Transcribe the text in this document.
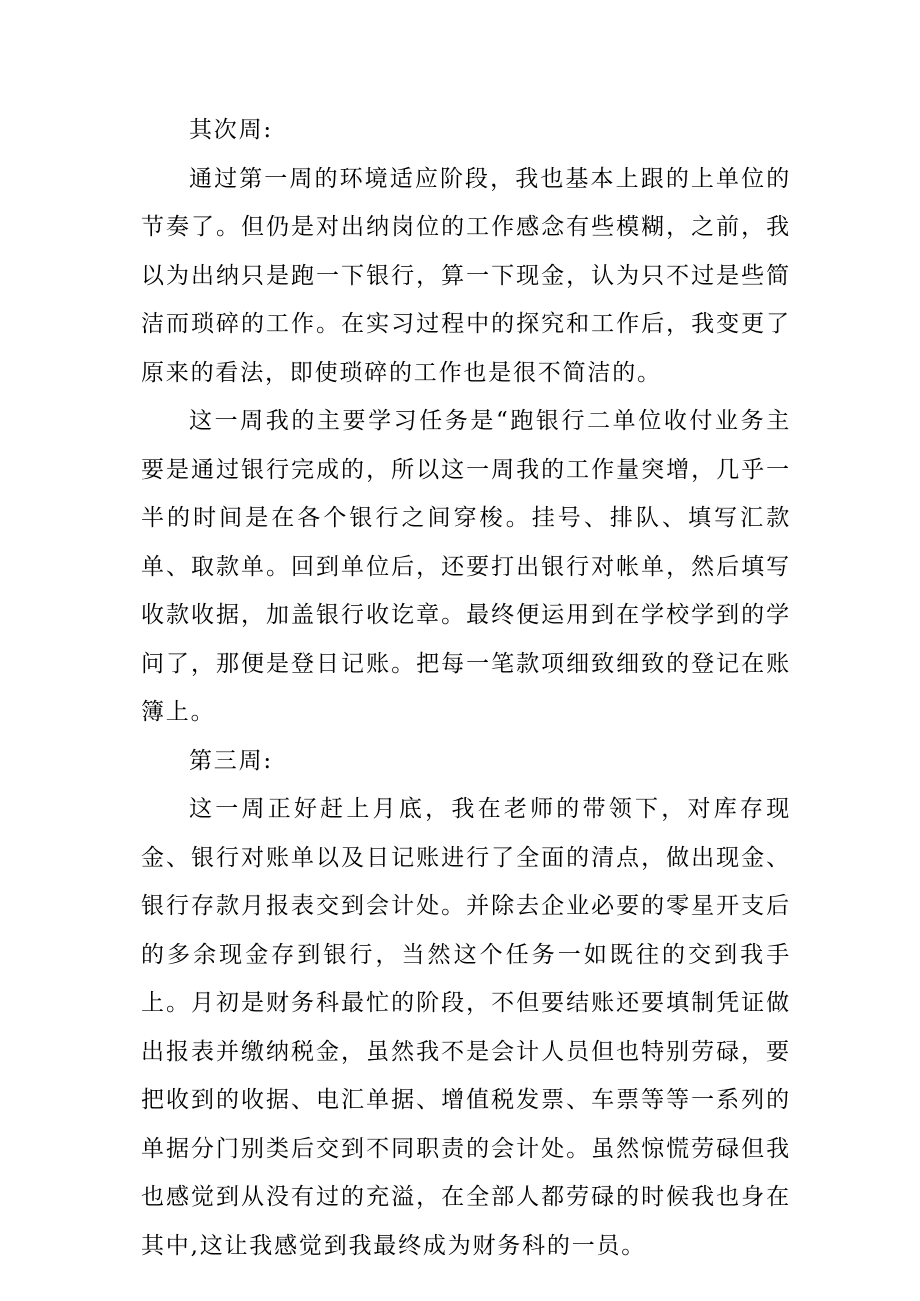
其次周:

通过第一周的环境适应阶段，我也基本上跟的上单位的节奏了。但仍是对出纳岗位的工作感念有些模糊，之前，我以为出纳只是跑一下银行，算一下现金，认为只不过是些简洁而琐碎的工作。在实习过程中的探究和工作后，我变更了原来的看法，即使琐碎的工作也是很不简洁的。

这一周我的主要学习任务是“跑银行二单位收付业务主要是通过银行完成的，所以这一周我的工作量突增，几乎一半的时间是在各个银行之间穿梭。挂号、排队、填写汇款单、取款单。回到单位后，还要打出银行对帐单，然后填写收款收据，加盖银行收讫章。最终便运用到在学校学到的学问了，那便是登日记账。把每一笔款项细致细致的登记在账簿上。

第三周:

这一周正好赶上月底，我在老师的带领下，对库存现金、银行对账单以及日记账进行了全面的清点，做出现金、银行存款月报表交到会计处。并除去企业必要的零星开支后的多余现金存到银行，当然这个任务一如既往的交到我手上。月初是财务科最忙的阶段，不但要结账还要填制凭证做出报表并缴纳税金，虽然我不是会计人员但也特别劳碌，要把收到的收据、电汇单据、增值税发票、车票等等一系列的单据分门别类后交到不同职责的会计处。虽然惊慌劳碌但我也感觉到从没有过的充溢，在全部人都劳碌的时候我也身在其中,这让我感觉到我最终成为财务科的一员。
